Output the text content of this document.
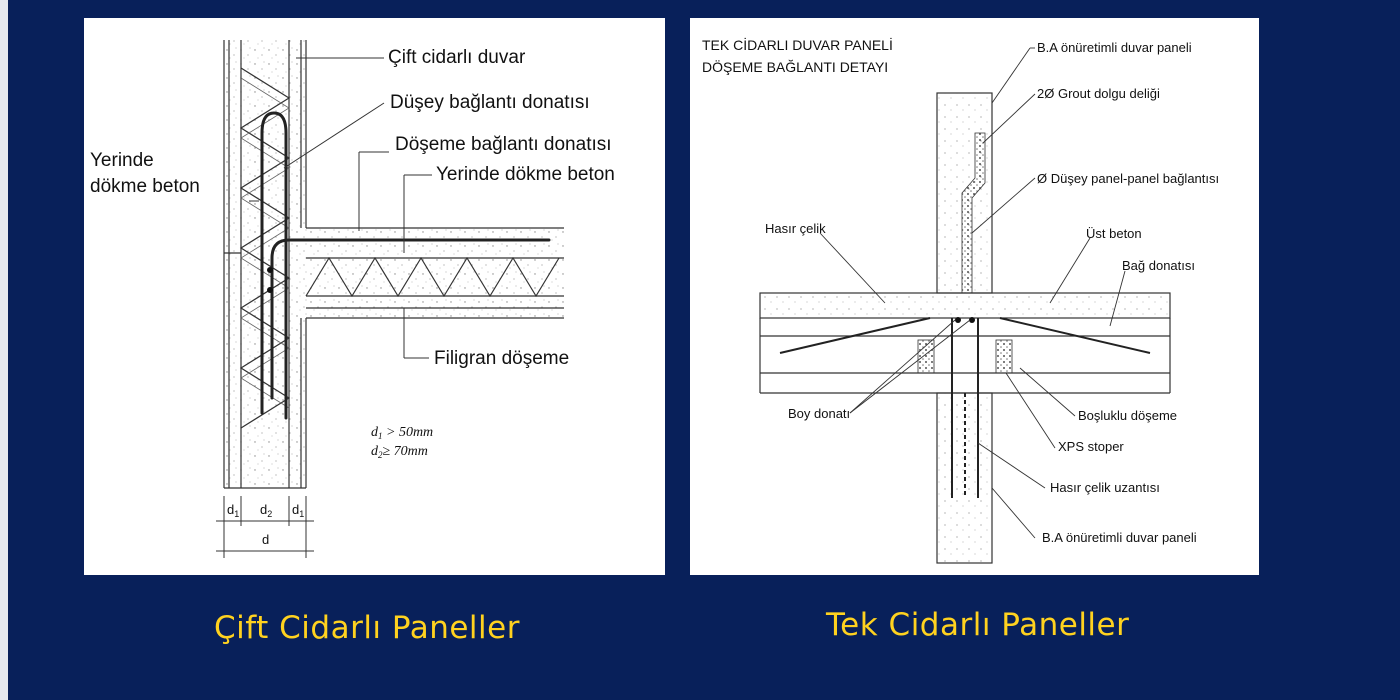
Çift cidarlı duvar
Düşey bağlantı donatısı
Döşeme bağlantı donatısı
Yerinde dökme beton
Yerinde
dökme beton
Filigran döşeme
$d_1 > 50mm$
$d_2\ge 70mm$
$d_1$ $d_2$ $d_1$
d
TEK CİDARLI DUVAR PANELİ
DÖŞEME BAĞLANTI DETAYI
B.A önüretimli duvar paneli
2Ø Grout dolgu deliği
Ø Düşey panel-panel bağlantısı
Hasır çelik	Üst beton
Bağ donatısı
Boy donatı	Boşluklu döşeme
XPS stoper
Hasır çelik uzantısı
B.A önüretimli duvar paneli
Çift Cidarlı Paneller	Tek Cidarlı Paneller
